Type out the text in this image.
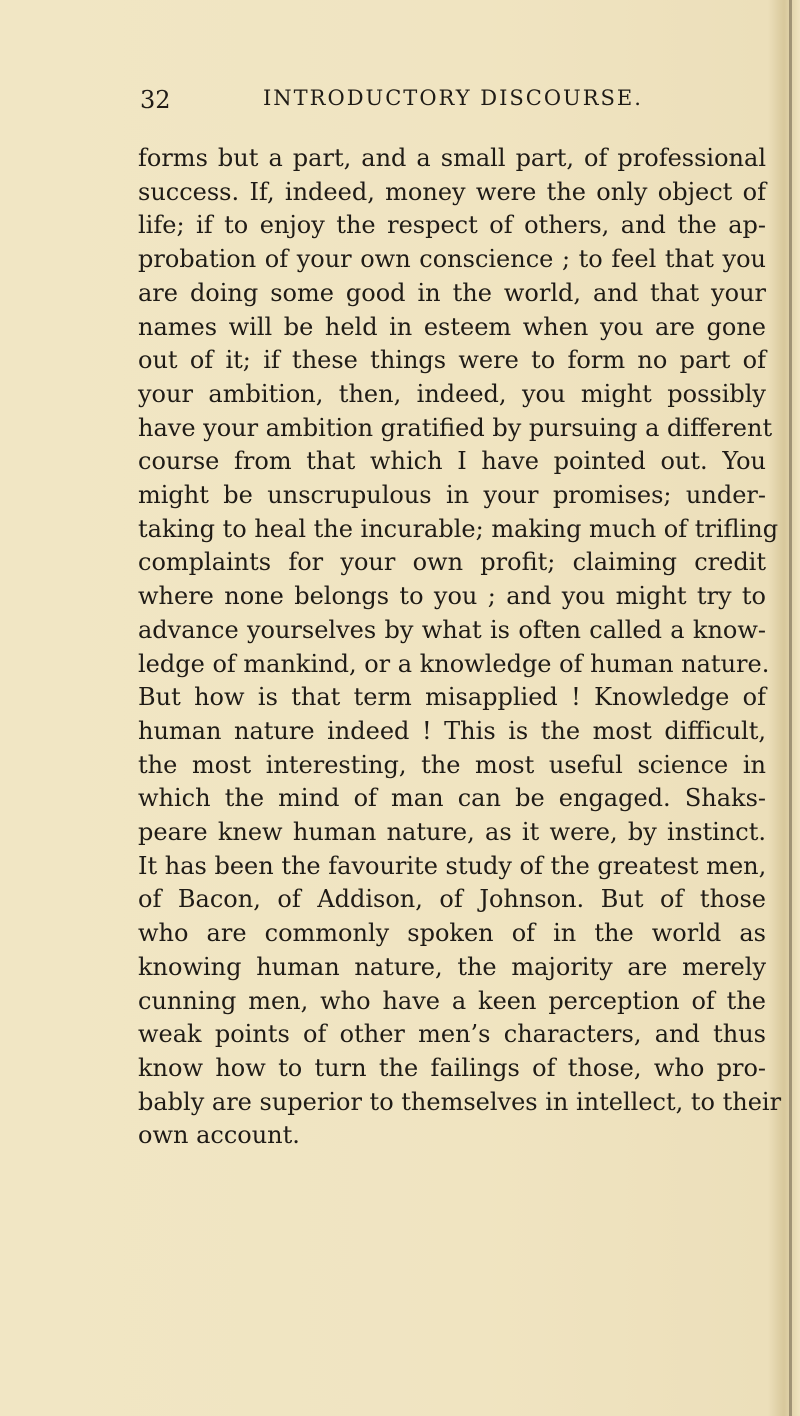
32	INTRODUCTORY DISCOURSE.
forms but a part, and a small part, of professional
success. If, indeed, money were the only object of
life; if to enjoy the respect of others, and the ap-
probation of your own conscience ; to feel that you
are doing some good in the world, and that your
names will be held in esteem when you are gone
out of it; if these things were to form no part of
your ambition, then, indeed, you might possibly
have your ambition gratified by pursuing a different
course from that which I have pointed out. You
might be unscrupulous in your promises; under-
taking to heal the incurable; making much of trifling
complaints for your own profit; claiming credit
where none belongs to you ; and you might try to
advance yourselves by what is often called a know-
ledge of mankind, or a knowledge of human nature.
But how is that term misapplied ! Knowledge of
human nature indeed ! This is the most difficult,
the most interesting, the most useful science in
which the mind of man can be engaged. Shaks-
peare knew human nature, as it were, by instinct.
It has been the favourite study of the greatest men,
of Bacon, of Addison, of Johnson. But of those
who are commonly spoken of in the world as
knowing human nature, the majority are merely
cunning men, who have a keen perception of the
weak points of other men’s characters, and thus
know how to turn the failings of those, who pro-
bably are superior to themselves in intellect, to their
own account.
